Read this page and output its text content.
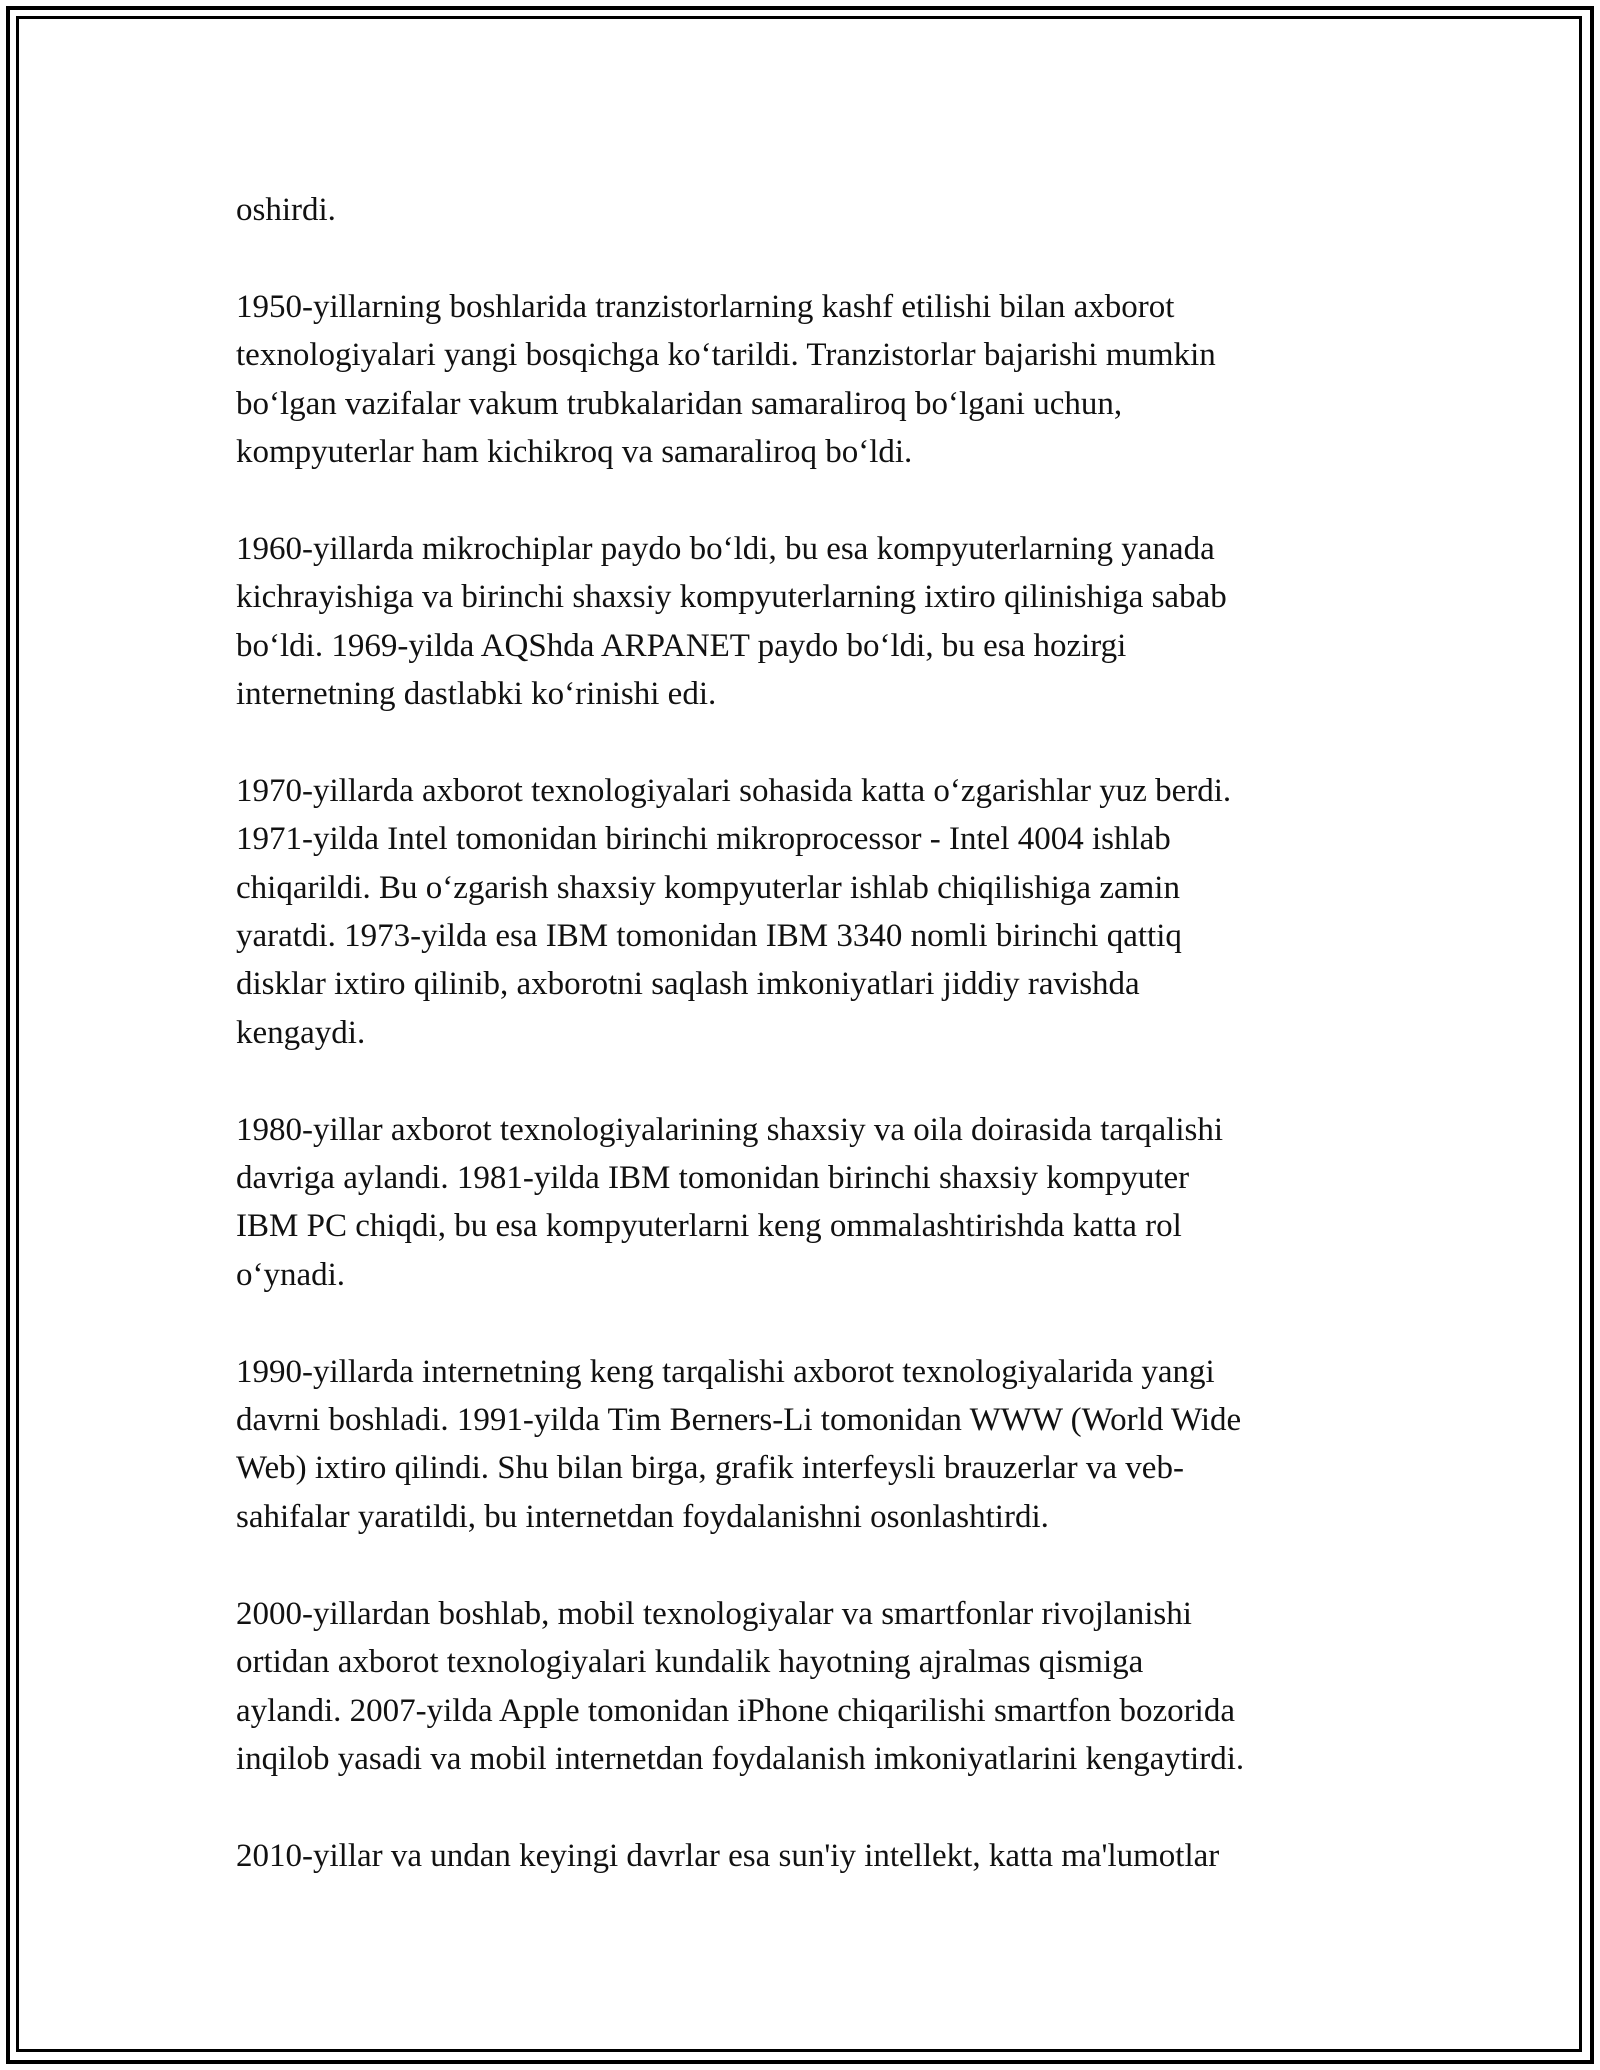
oshirdi.

1950-yillarning boshlarida tranzistorlarning kashf etilishi bilan axborot
texnologiyalari yangi bosqichga koʻtarildi. Tranzistorlar bajarishi mumkin
boʻlgan vazifalar vakum trubkalaridan samaraliroq boʻlgani uchun,
kompyuterlar ham kichikroq va samaraliroq boʻldi.

1960-yillarda mikrochiplar paydo boʻldi, bu esa kompyuterlarning yanada
kichrayishiga va birinchi shaxsiy kompyuterlarning ixtiro qilinishiga sabab
boʻldi. 1969-yilda AQShda ARPANET paydo boʻldi, bu esa hozirgi
internetning dastlabki koʻrinishi edi.

1970-yillarda axborot texnologiyalari sohasida katta oʻzgarishlar yuz berdi.
1971-yilda Intel tomonidan birinchi mikroprocessor - Intel 4004 ishlab
chiqarildi. Bu oʻzgarish shaxsiy kompyuterlar ishlab chiqilishiga zamin
yaratdi. 1973-yilda esa IBM tomonidan IBM 3340 nomli birinchi qattiq
disklar ixtiro qilinib, axborotni saqlash imkoniyatlari jiddiy ravishda
kengaydi.

1980-yillar axborot texnologiyalarining shaxsiy va oila doirasida tarqalishi
davriga aylandi. 1981-yilda IBM tomonidan birinchi shaxsiy kompyuter
IBM PC chiqdi, bu esa kompyuterlarni keng ommalashtirishda katta rol
oʻynadi.

1990-yillarda internetning keng tarqalishi axborot texnologiyalarida yangi
davrni boshladi. 1991-yilda Tim Berners-Li tomonidan WWW (World Wide
Web) ixtiro qilindi. Shu bilan birga, grafik interfeysli brauzerlar va veb-
sahifalar yaratildi, bu internetdan foydalanishni osonlashtirdi.

2000-yillardan boshlab, mobil texnologiyalar va smartfonlar rivojlanishi
ortidan axborot texnologiyalari kundalik hayotning ajralmas qismiga
aylandi. 2007-yilda Apple tomonidan iPhone chiqarilishi smartfon bozorida
inqilob yasadi va mobil internetdan foydalanish imkoniyatlarini kengaytirdi.

2010-yillar va undan keyingi davrlar esa sun'iy intellekt, katta ma'lumotlar
